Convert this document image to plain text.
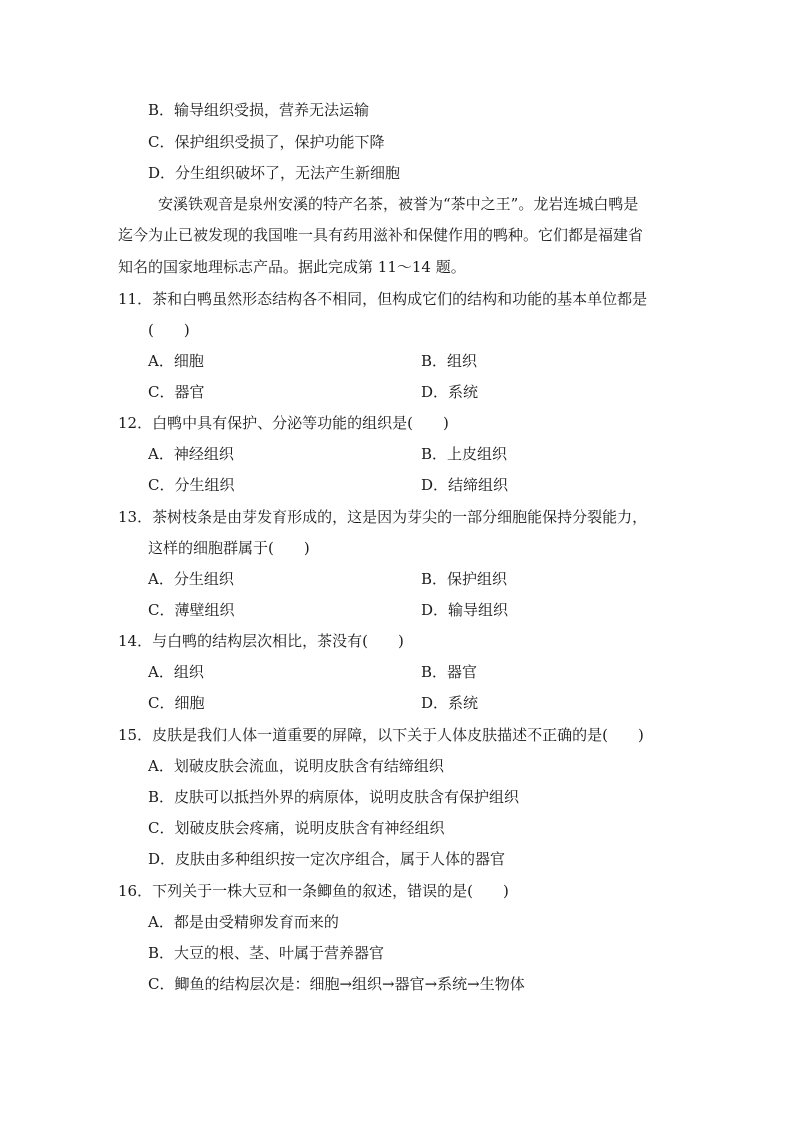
B．输导组织受损，营养无法运输
C．保护组织受损了，保护功能下降
D．分生组织破坏了，无法产生新细胞
安溪铁观音是泉州安溪的特产名茶，被誉为“茶中之王”。龙岩连城白鸭是
迄今为止已被发现的我国唯一具有药用滋补和保健作用的鸭种。它们都是福建省
知名的国家地理标志产品。据此完成第 11～14 题。
11．茶和白鸭虽然形态结构各不相同，但构成它们的结构和功能的基本单位都是
(　　)
A．细胞	B．组织
C．器官	D．系统
12．白鸭中具有保护、分泌等功能的组织是(　　)
A．神经组织	B．上皮组织
C．分生组织	D．结缔组织
13．茶树枝条是由芽发育形成的，这是因为芽尖的一部分细胞能保持分裂能力，
这样的细胞群属于(　　)
A．分生组织	B．保护组织
C．薄壁组织	D．输导组织
14．与白鸭的结构层次相比，茶没有(　　)
A．组织	B．器官
C．细胞	D．系统
15．皮肤是我们人体一道重要的屏障，以下关于人体皮肤描述不正确的是(　　)
A．划破皮肤会流血，说明皮肤含有结缔组织
B．皮肤可以抵挡外界的病原体，说明皮肤含有保护组织
C．划破皮肤会疼痛，说明皮肤含有神经组织
D．皮肤由多种组织按一定次序组合，属于人体的器官
16．下列关于一株大豆和一条鲫鱼的叙述，错误的是(　　)
A．都是由受精卵发育而来的
B．大豆的根、茎、叶属于营养器官
C．鲫鱼的结构层次是：细胞→组织→器官→系统→生物体
